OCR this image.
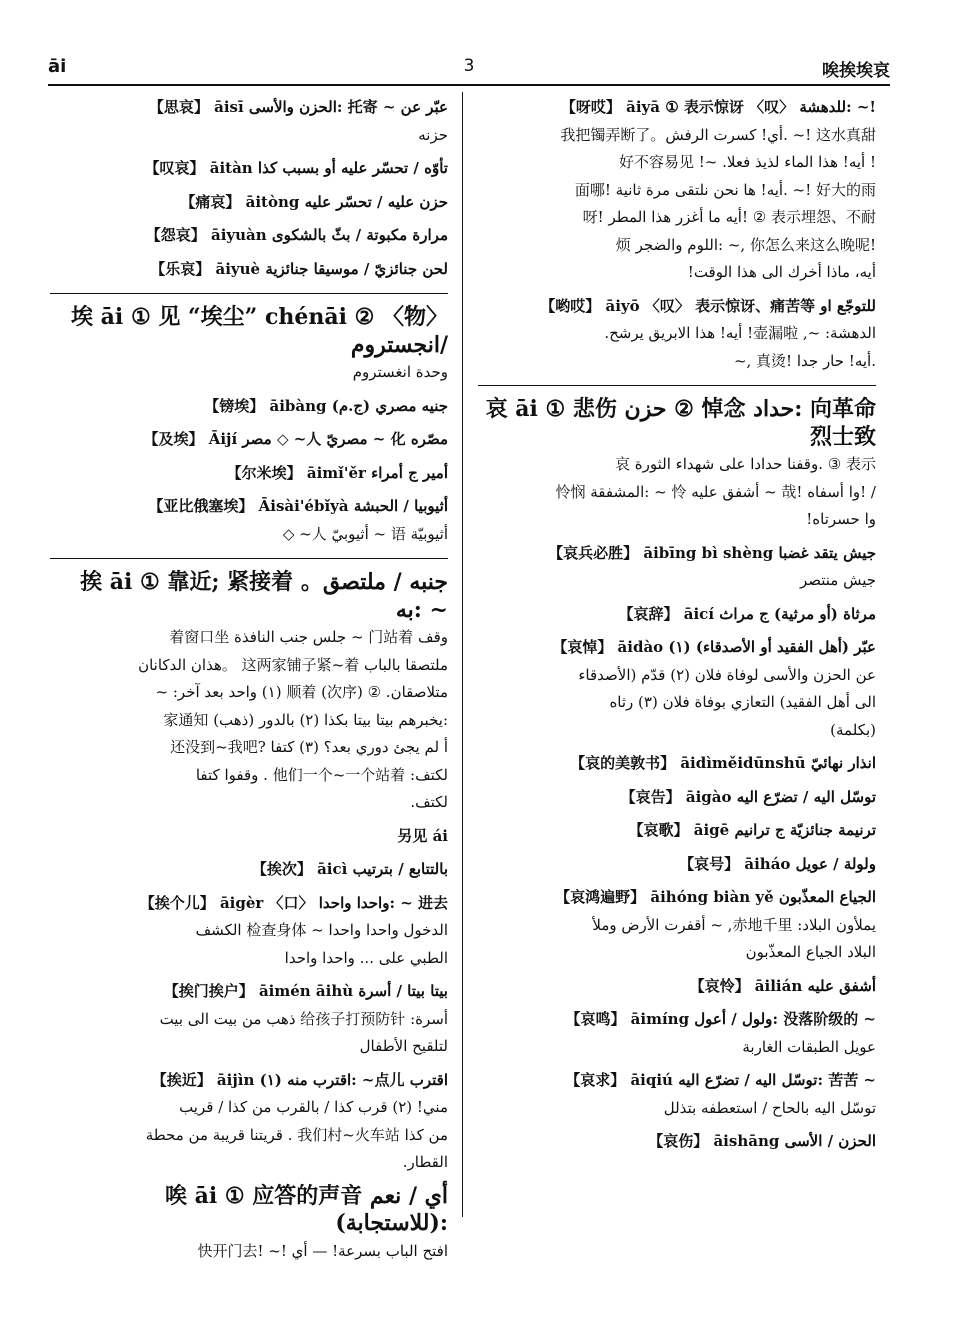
āi	3	唉挨埃哀
【呀哎】 āiyā ① 表示惊讶 〈叹〉 للدهشة: ~!
我把镯弄断了。أي! كسرت الرفش. ~! 这水真甜
! أيه! هذا الماء لذيذ فعلا. ~! 好不容易见
面哪! أيه! ها نحن نلتقى مرة ثانية. ~! 好大的雨
呀! أيه ما أغزر هذا المطر! ② 表示埋怨、不耐
烦 اللوم والضجر: ~, 你怎么来这么晚呢!
أيه، ماذا أخرك الى هذا الوقت!
【哟哎】 āiyō 〈叹〉 表示惊讶、痛苦等 للتوجّع او
الدهشة: ~, 壶漏啦! أيه! هذا الابريق يرشح.
~, 真烫! أيه! حار جدا.
哀 āi ① 悲伤 حزن ② 悼念 حداد: 向革命烈士致
哀 وقفنا حدادا على شهداء الثورة. ③ 表示
怜悯 المشفقة: ~ 怜 أشفق عليه ~ 哉! وا أسفاه! /
وا حسرتاه!
【哀兵必胜】 āibīng bì shèng جيش يتقد غضبا
جيش منتصر
【哀辞】 āicí مرثاة (أو مرثية) ج مراث
【哀悼】 āidào (١) عبّر (أهل الفقيد أو الأصدقاء)
عن الحزن والأسى لوفاة فلان (٢) قدّم (الأصدقاء
الى أهل الفقيد) التعازي بوفاة فلان (٣) رثاه
(بكلمة)
【哀的美敦书】 āidìměidūnshū انذار نهائيّ
【哀告】 āigào توسّل اليه / تضرّع اليه
【哀歌】 āigē ترنيمة جنائزيّة ج ترانيم
【哀号】 āiháo ولولة / عويل
【哀鸿遍野】 āihóng biàn yě الجياع المعذّبون
يملأون البلاد: 赤地千里, ~ أقفرت الأرض وملأ
البلاد الجياع المعذّبون
【哀怜】 āilián أشفق عليه
【哀鸣】 āimíng ولول / أعول: 没落阶级的 ~
عويل الطبقات الغاربة
【哀求】 āiqiú توسّل اليه / تضرّع اليه: 苦苦 ~
توسّل اليه بالحاح / استعطفه بتذلل
【哀伤】 āishāng الحزن / الأسى
【思哀】 āisī الحزن والأسى: 托寄 ~ عبّر عن
حزنه
【叹哀】 āitàn تأوّه / تحسّر عليه أو بسبب كذا
【痛哀】 āitòng حزن عليه / تحسّر عليه
【怨哀】 āiyuàn مرارة مكبوتة / بثّ بالشكوى
【乐哀】 āiyuè لحن جنائزيّ / موسيقا جنائزية
埃 āi ① 见 “埃尘” chénāi ② 〈物〉 انجستروم/
وحدة انغستروم
【镑埃】 āibàng جنيه مصري (ج.م)
【及埃】 Āijí مصر ◇ ~人 مصريّ ~ 化 مصّره
【尔米埃】 āimǐ'ěr أمير ج أمراء
【亚比俄塞埃】 Āisài'ébǐyà أثيوبيا / الحبشة
◇ ~人 أثيوبيّ ~ 语 أثيوبيّة
挨 āi ① 靠近; 紧接着 。جنبه / ملتصق به: ~
着窗口坐 جلس جنب النافذة ~ 门站着 وقف
ملتصقا بالباب 这两家铺子紧~着 。هذان الدكانان
متلاصقان. ② 顺着 (次序) (١) واحد بعد آخر: ~
家通知 (ذهب) يخبرهم بيتا بيتا بكذا (٢) بالدور:
还没到~我吧? أ لم يجئ دوري بعد؟ (٣) كتفا
لكتف: 他们一个~一个站着 . وقفوا كتفا
لكتف.
另见 ái
【挨次】 āicì بالتتابع / بترتيب
【挨个儿】 āigèr 〈口〉 واحدا واحدا: ~ 进去
الدخول واحدا واحدا ~ 检查身体 الكشف
الطبي على ... واحدا واحدا
【挨门挨户】 āimén āihù بيتا بيتا / أسرة
أسرة: 给孩子打预防针 ذهب من بيت الى بيت
لتلقيح الأطفال
【挨近】 āijìn (١) اقترب منه: ~点儿 اقترب
مني! (٢) قرب كذا / بالقرب من كذا / قريب
من كذا 我们村~火车站 . قريتنا قريبة من محطة
القطار.
唉 āi ① 应答的声音 أي / نعم (للاستجابة):
快开门去! ~! افتح الباب بسرعة! — أي
